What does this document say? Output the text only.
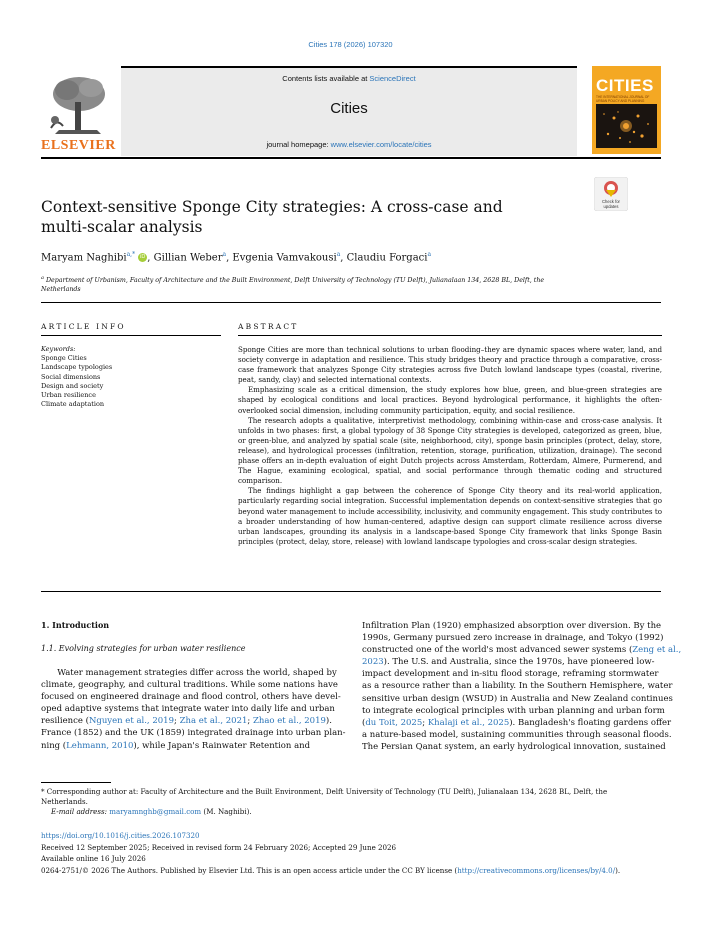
Cities 178 (2026) 107320
ELSEVIER
Contents lists available at ScienceDirect
Cities
journal homepage: www.elsevier.com/locate/cities
CITIES
THE INTERNATIONAL JOURNAL OF URBAN POLICY AND PLANNING
Context-sensitive Sponge City strategies: A cross-case and
multi-scalar analysis
Check for
updates
Maryam Naghibi$^{a,*}$ iD , Gillian Weber$^a$, Evgenia Vamvakousi$^a$, Claudiu Forgaci$^a$
$^a$ Department of Urbanism, Faculty of Architecture and the Built Environment, Delft University of Technology (TU Delft), Julianalaan 134, 2628 BL, Delft, the
Netherlands
ARTICLE INFO	ABSTRACT
Keywords:
Sponge Cities
Landscape typologies
Social dimensions
Design and society
Urban resilience
Climate adaptation

Sponge Cities are more than technical solutions to urban flooding–they are dynamic spaces where water, land, and society converge in adaptation and resilience. This study bridges theory and practice through a comparative, cross-case framework that analyzes Sponge City strategies across five Dutch lowland landscape types (coastal, riverine, peat, sandy, clay) and selected international contexts.

Emphasizing scale as a critical dimension, the study explores how blue, green, and blue-green strategies are shaped by ecological conditions and local practices. Beyond hydrological performance, it highlights the often-overlooked social dimension, including community participation, equity, and social resilience.

The research adopts a qualitative, interpretivist methodology, combining within-case and cross-case analysis. It unfolds in two phases: first, a global typology of 38 Sponge City strategies is developed, categorized as green, blue, or green-blue, and analyzed by spatial scale (site, neighborhood, city), sponge basin principles (protect, delay, store, release), and hydrological processes (infiltration, retention, storage, purification, utilization, drainage). The second phase offers an in-depth evaluation of eight Dutch projects across Amsterdam, Rotterdam, Almere, Purmerend, and The Hague, examining ecological, spatial, and social performance through thematic coding and structured comparison.

The findings highlight a gap between the coherence of Sponge City theory and its real-world application, particularly regarding social integration. Successful implementation depends on context-sensitive strategies that go beyond water management to include accessibility, inclusivity, and community engagement. This study contributes to a broader understanding of how human-centered, adaptive design can support climate resilience across diverse urban landscapes, grounding its analysis in a landscape-based Sponge City framework that links Sponge Basin principles (protect, delay, store, release) with lowland landscape typologies and cross-scalar design strategies.

1. Introduction
1.1. Evolving strategies for urban water resilience
Water management strategies differ across the world, shaped by
climate, geography, and cultural traditions. While some nations have
focused on engineered drainage and flood control, others have devel-
oped adaptive systems that integrate water into daily life and urban
resilience (Nguyen et al., 2019; Zha et al., 2021; Zhao et al., 2019).
France (1852) and the UK (1859) integrated drainage into urban plan-
ning (Lehmann, 2010), while Japan's Rainwater Retention and
Infiltration Plan (1920) emphasized absorption over diversion. By the
1990s, Germany pursued zero increase in drainage, and Tokyo (1992)
constructed one of the world's most advanced sewer systems (Zeng et al.,
2023). The U.S. and Australia, since the 1970s, have pioneered low-
impact development and in-situ flood storage, reframing stormwater
as a resource rather than a liability. In the Southern Hemisphere, water
sensitive urban design (WSUD) in Australia and New Zealand continues
to integrate ecological principles with urban planning and urban form
(du Toit, 2025; Khalaji et al., 2025). Bangladesh's floating gardens offer
a nature-based model, sustaining communities through seasonal floods.
The Persian Qanat system, an early hydrological innovation, sustained
* Corresponding author at: Faculty of Architecture and the Built Environment, Delft University of Technology (TU Delft), Julianalaan 134, 2628 BL, Delft, the
Netherlands.
E-mail address: maryamnghb@gmail.com (M. Naghibi).
https://doi.org/10.1016/j.cities.2026.107320
Received 12 September 2025; Received in revised form 24 February 2026; Accepted 29 June 2026
Available online 16 July 2026
0264-2751/© 2026 The Authors. Published by Elsevier Ltd. This is an open access article under the CC BY license (http://creativecommons.org/licenses/by/4.0/).
